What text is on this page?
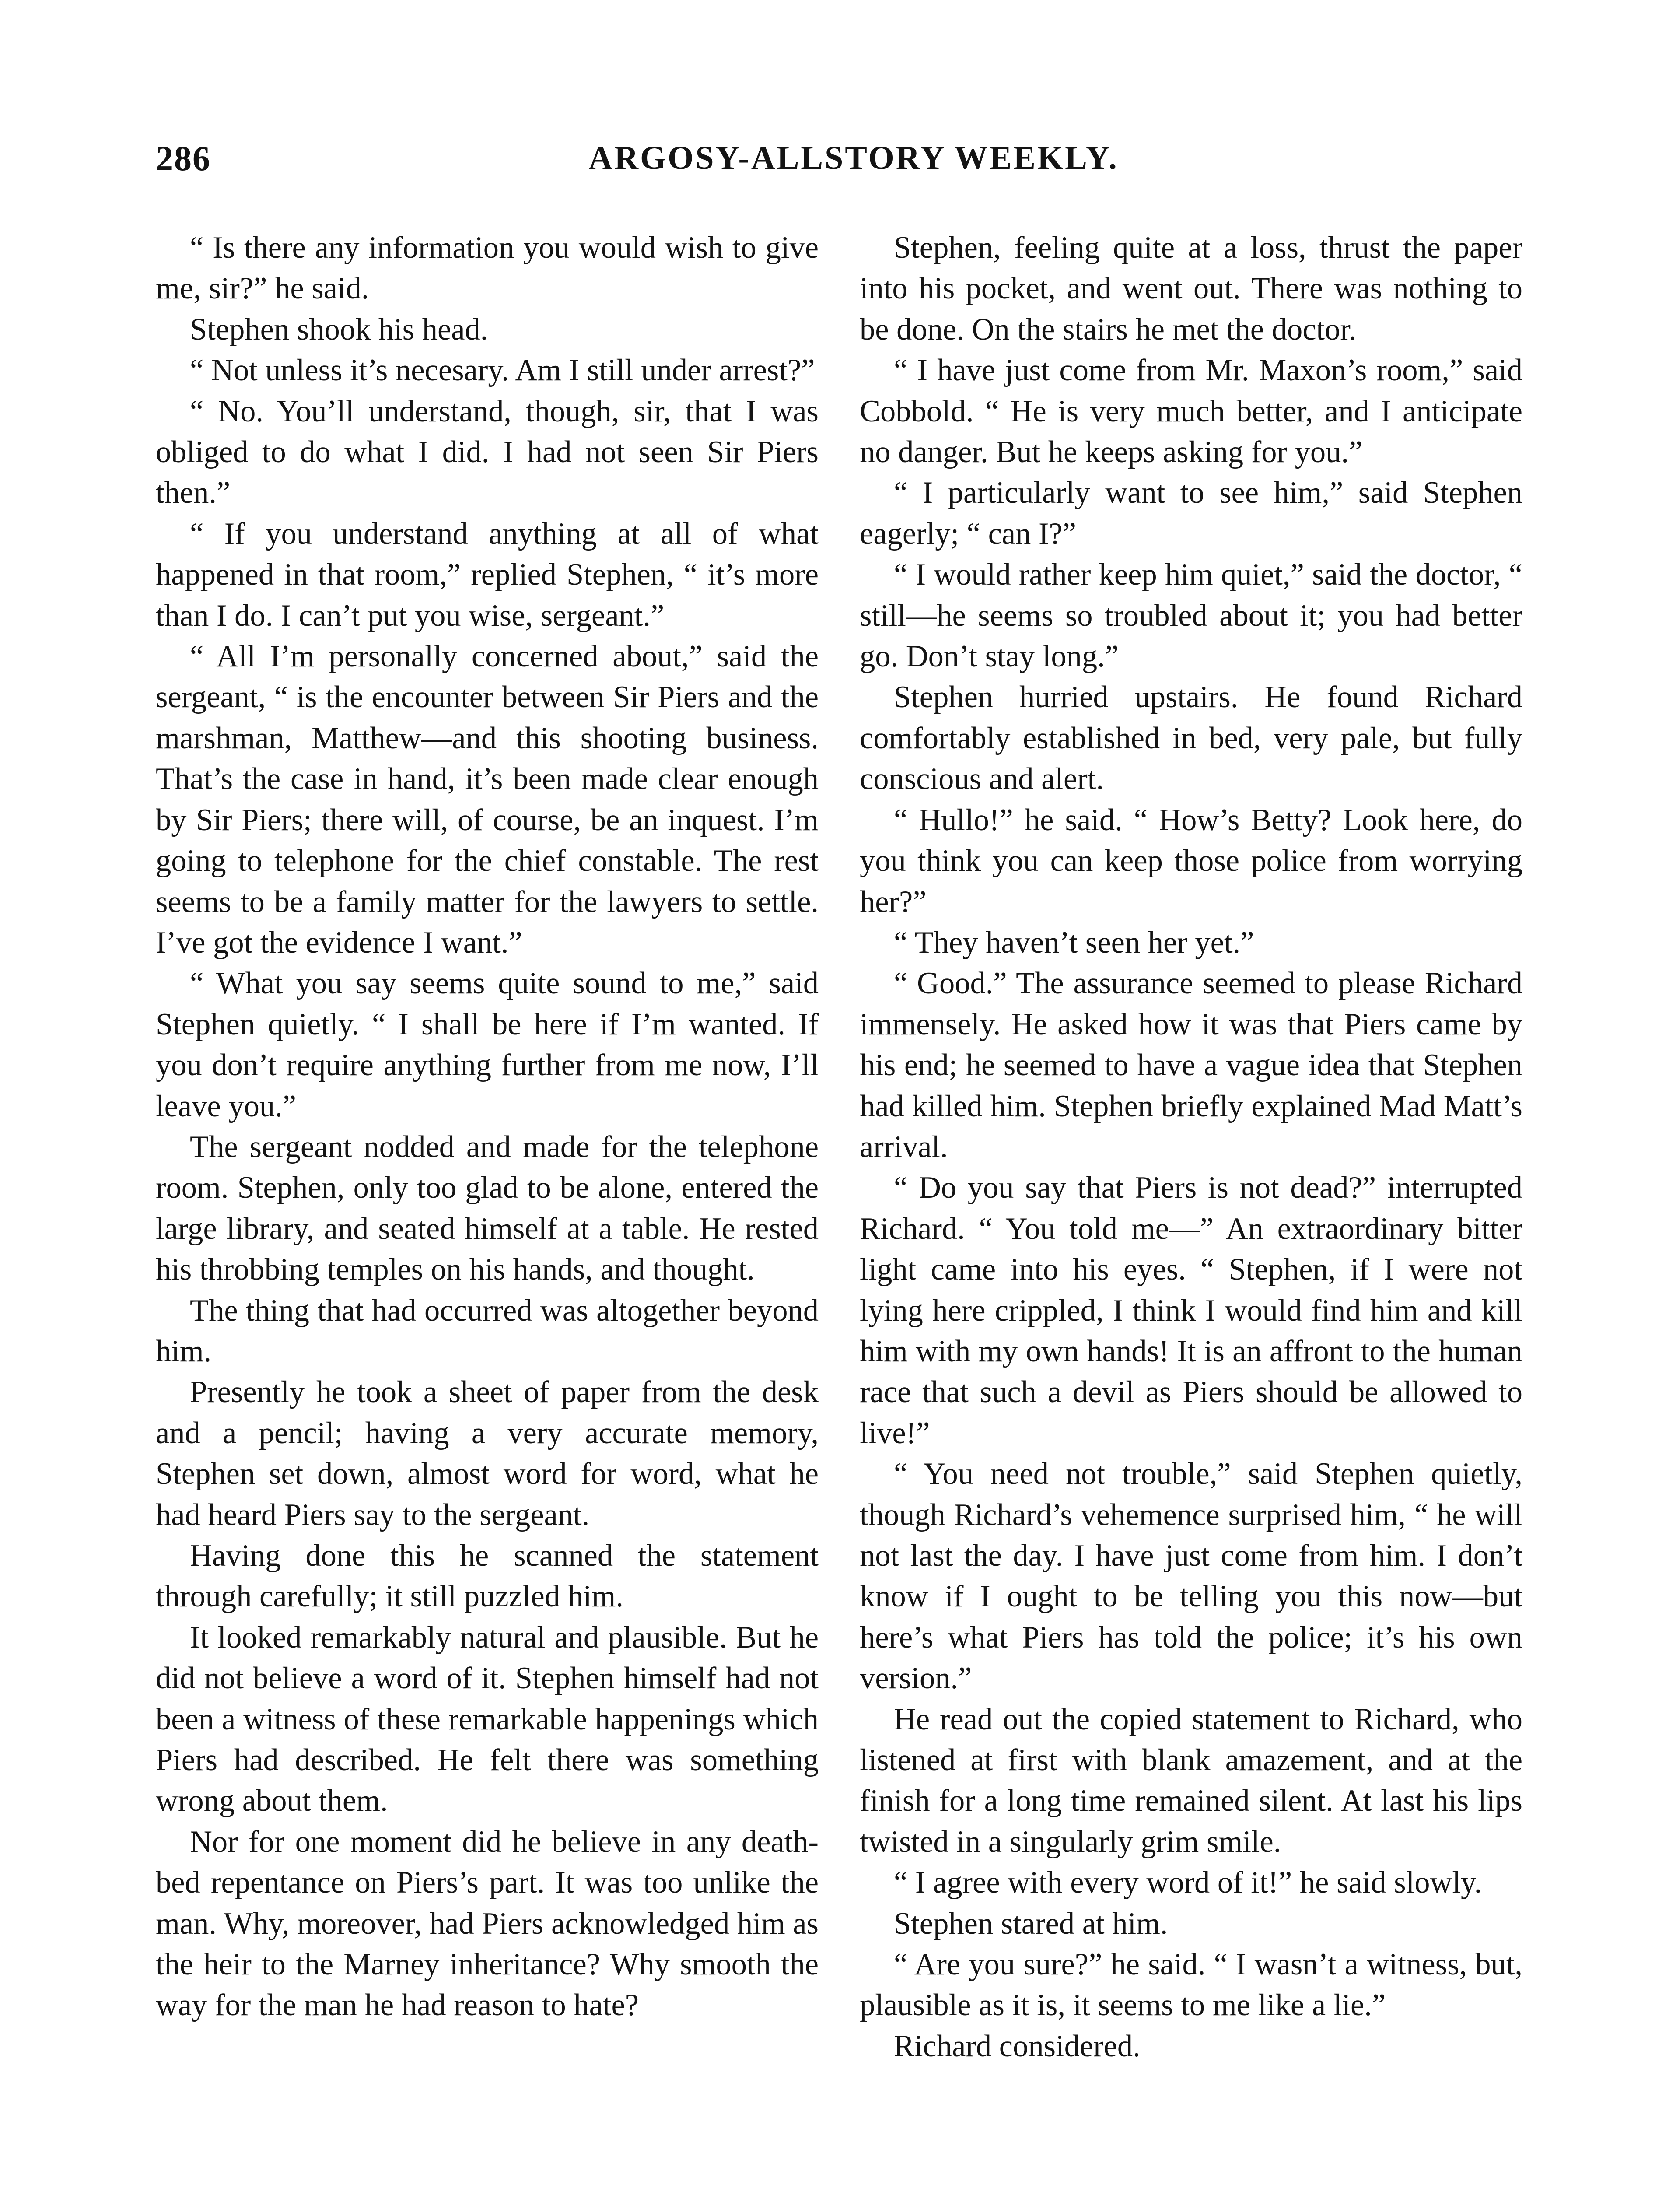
286	ARGOSY-ALLSTORY WEEKLY.

“ Is there any information you would wish to give me, sir?” he said.

Stephen shook his head.

“ Not unless it’s necesary. Am I still under arrest?”

“ No. You’ll understand, though, sir, that I was obliged to do what I did. I had not seen Sir Piers then.”

“ If you understand anything at all of what happened in that room,” replied Stephen, “ it’s more than I do. I can’t put you wise, sergeant.”

“ All I’m personally concerned about,” said the sergeant, “ is the encounter between Sir Piers and the marshman, Matthew—and this shooting business. That’s the case in hand, it’s been made clear enough by Sir Piers; there will, of course, be an inquest. I’m going to telephone for the chief constable. The rest seems to be a family matter for the lawyers to settle. I’ve got the evidence I want.”

“ What you say seems quite sound to me,” said Stephen quietly. “ I shall be here if I’m wanted. If you don’t require anything further from me now, I’ll leave you.”

The sergeant nodded and made for the telephone room. Stephen, only too glad to be alone, entered the large library, and seated himself at a table. He rested his throbbing temples on his hands, and thought.

The thing that had occurred was altogether beyond him.

Presently he took a sheet of paper from the desk and a pencil; having a very accurate memory, Stephen set down, almost word for word, what he had heard Piers say to the sergeant.

Having done this he scanned the statement through carefully; it still puzzled him.

It looked remarkably natural and plausible. But he did not believe a word of it. Stephen himself had not been a witness of these remarkable happenings which Piers had described. He felt there was something wrong about them.

Nor for one moment did he believe in any death-bed repentance on Piers’s part. It was too unlike the man. Why, moreover, had Piers acknowledged him as the heir to the Marney inheritance? Why smooth the way for the man he had reason to hate?

Stephen, feeling quite at a loss, thrust the paper into his pocket, and went out. There was nothing to be done. On the stairs he met the doctor.

“ I have just come from Mr. Maxon’s room,” said Cobbold. “ He is very much better, and I anticipate no danger. But he keeps asking for you.”

“ I particularly want to see him,” said Stephen eagerly; “ can I?”

“ I would rather keep him quiet,” said the doctor, “ still—he seems so troubled about it; you had better go. Don’t stay long.”

Stephen hurried upstairs. He found Richard comfortably established in bed, very pale, but fully conscious and alert.

“ Hullo!” he said. “ How’s Betty? Look here, do you think you can keep those police from worrying her?”

“ They haven’t seen her yet.”

“ Good.” The assurance seemed to please Richard immensely. He asked how it was that Piers came by his end; he seemed to have a vague idea that Stephen had killed him. Stephen briefly explained Mad Matt’s arrival.

“ Do you say that Piers is not dead?” interrupted Richard. “ You told me—” An extraordinary bitter light came into his eyes. “ Stephen, if I were not lying here crippled, I think I would find him and kill him with my own hands! It is an affront to the human race that such a devil as Piers should be allowed to live!”

“ You need not trouble,” said Stephen quietly, though Richard’s vehemence surprised him, “ he will not last the day. I have just come from him. I don’t know if I ought to be telling you this now—but here’s what Piers has told the police; it’s his own version.”

He read out the copied statement to Richard, who listened at first with blank amazement, and at the finish for a long time remained silent. At last his lips twisted in a singularly grim smile.

“ I agree with every word of it!” he said slowly.

Stephen stared at him.

“ Are you sure?” he said. “ I wasn’t a witness, but, plausible as it is, it seems to me like a lie.”

Richard considered.
